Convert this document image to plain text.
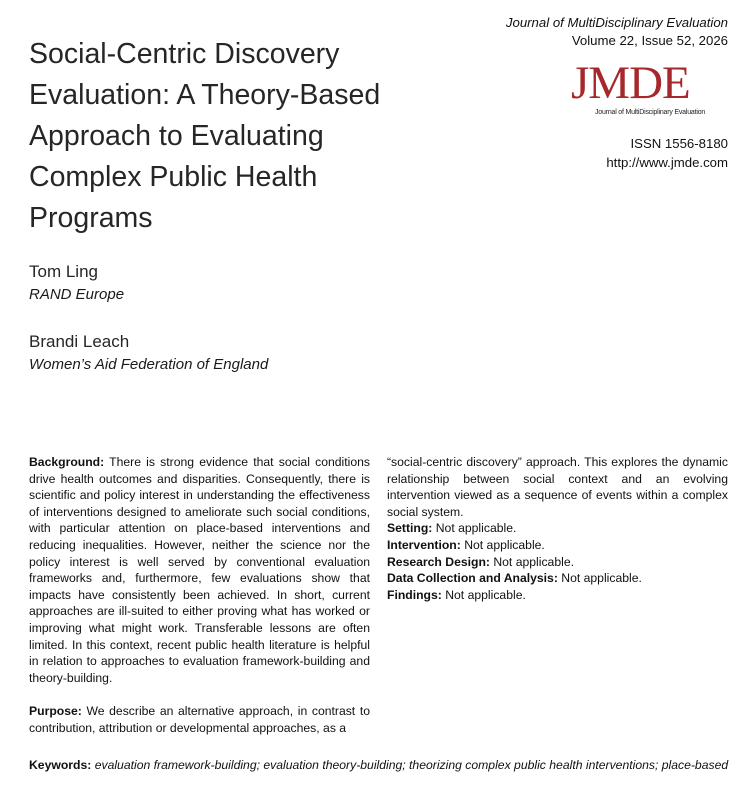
Social-Centric Discovery Evaluation: A Theory-Based Approach to Evaluating Complex Public Health Programs
Journal of MultiDisciplinary Evaluation
Volume 22, Issue 52, 2026
JMDE
Journal of MultiDisciplinary Evaluation
ISSN 1556-8180
http://www.jmde.com
Tom Ling
RAND Europe
Brandi Leach
Women’s Aid Federation of England

Background: There is strong evidence that social conditions drive health outcomes and disparities. Consequently, there is scientific and policy interest in understanding the effectiveness of interventions designed to ameliorate such social conditions, with particular attention on place-based interventions and reducing inequalities. However, neither the science nor the policy interest is well served by conventional evaluation frameworks and, furthermore, few evaluations show that impacts have consistently been achieved. In short, current approaches are ill-suited to either proving what has worked or improving what might work. Transferable lessons are often limited. In this context, recent public health literature is helpful in relation to approaches to evaluation framework-building and theory-building.

Purpose: We describe an alternative approach, in contrast to contribution, attribution or developmental approaches, as a

“social-centric discovery” approach. This explores the dynamic relationship between social context and an evolving intervention viewed as a sequence of events within a complex social system.

Setting: Not applicable.

Intervention: Not applicable.

Research Design: Not applicable.

Data Collection and Analysis: Not applicable.

Findings: Not applicable.

Keywords: evaluation framework-building; evaluation theory-building; theorizing complex public health interventions; place-based
